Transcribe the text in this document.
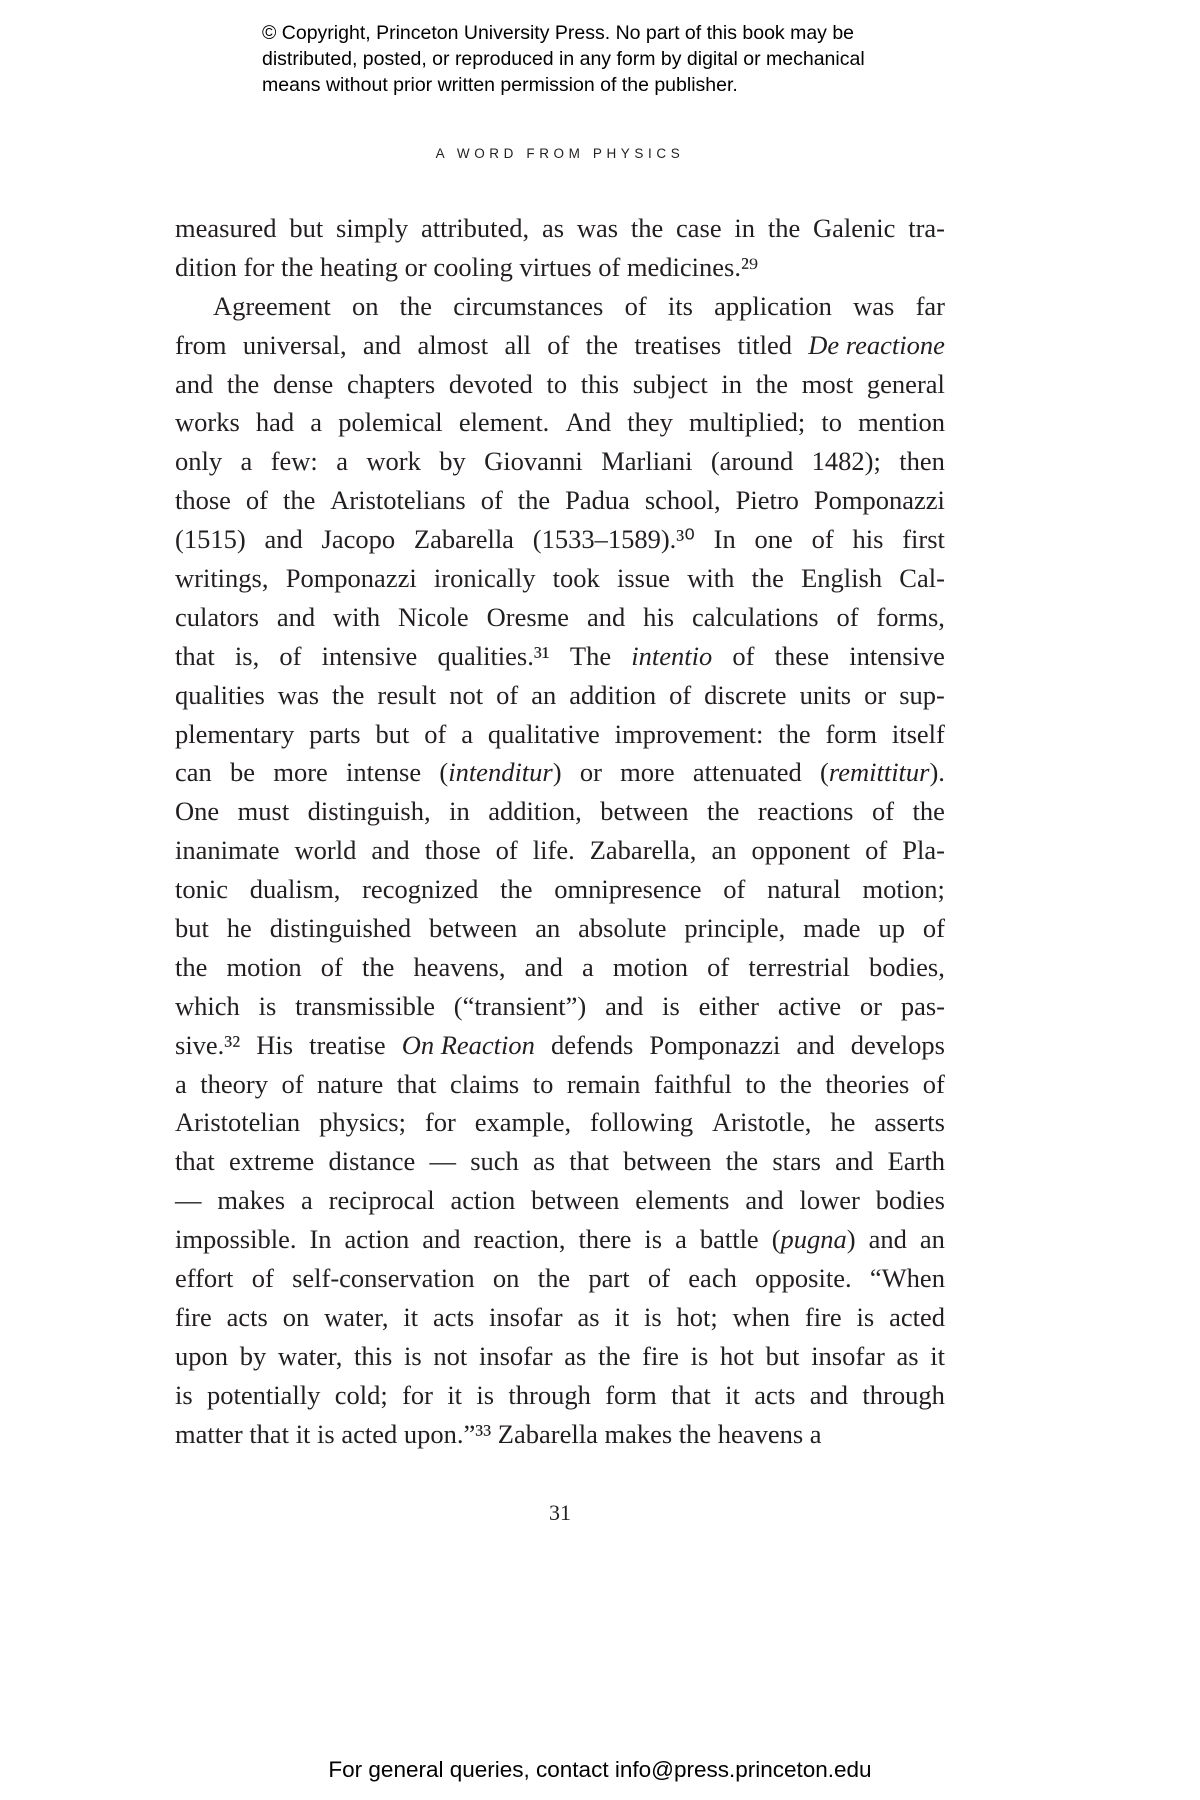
© Copyright, Princeton University Press. No part of this book may be
distributed, posted, or reproduced in any form by digital or mechanical
means without prior written permission of the publisher.
A WORD FROM PHYSICS
measured but simply attributed, as was the case in the Galenic tra-
dition for the heating or cooling virtues of medicines.²⁹
Agreement on the circumstances of its application was far
from universal, and almost all of the treatises titled De reactione
and the dense chapters devoted to this subject in the most general
works had a polemical element. And they multiplied; to mention
only a few: a work by Giovanni Marliani (around 1482); then
those of the Aristotelians of the Padua school, Pietro Pomponazzi
(1515) and Jacopo Zabarella (1533–1589).³⁰ In one of his first
writings, Pomponazzi ironically took issue with the English Cal-
culators and with Nicole Oresme and his calculations of forms,
that is, of intensive qualities.³¹ The intentio of these intensive
qualities was the result not of an addition of discrete units or sup-
plementary parts but of a qualitative improvement: the form itself
can be more intense (intenditur) or more attenuated (remittitur).
One must distinguish, in addition, between the reactions of the
inanimate world and those of life. Zabarella, an opponent of Pla-
tonic dualism, recognized the omnipresence of natural motion;
but he distinguished between an absolute principle, made up of
the motion of the heavens, and a motion of terrestrial bodies,
which is transmissible (“transient”) and is either active or pas-
sive.³² His treatise On Reaction defends Pomponazzi and develops
a theory of nature that claims to remain faithful to the theories of
Aristotelian physics; for example, following Aristotle, he asserts
that extreme distance — such as that between the stars and Earth
— makes a reciprocal action between elements and lower bodies
impossible. In action and reaction, there is a battle (pugna) and an
effort of self-conservation on the part of each opposite. “When
fire acts on water, it acts insofar as it is hot; when fire is acted
upon by water, this is not insofar as the fire is hot but insofar as it
is potentially cold; for it is through form that it acts and through
matter that it is acted upon.”³³ Zabarella makes the heavens a
31
For general queries, contact info@press.princeton.edu
